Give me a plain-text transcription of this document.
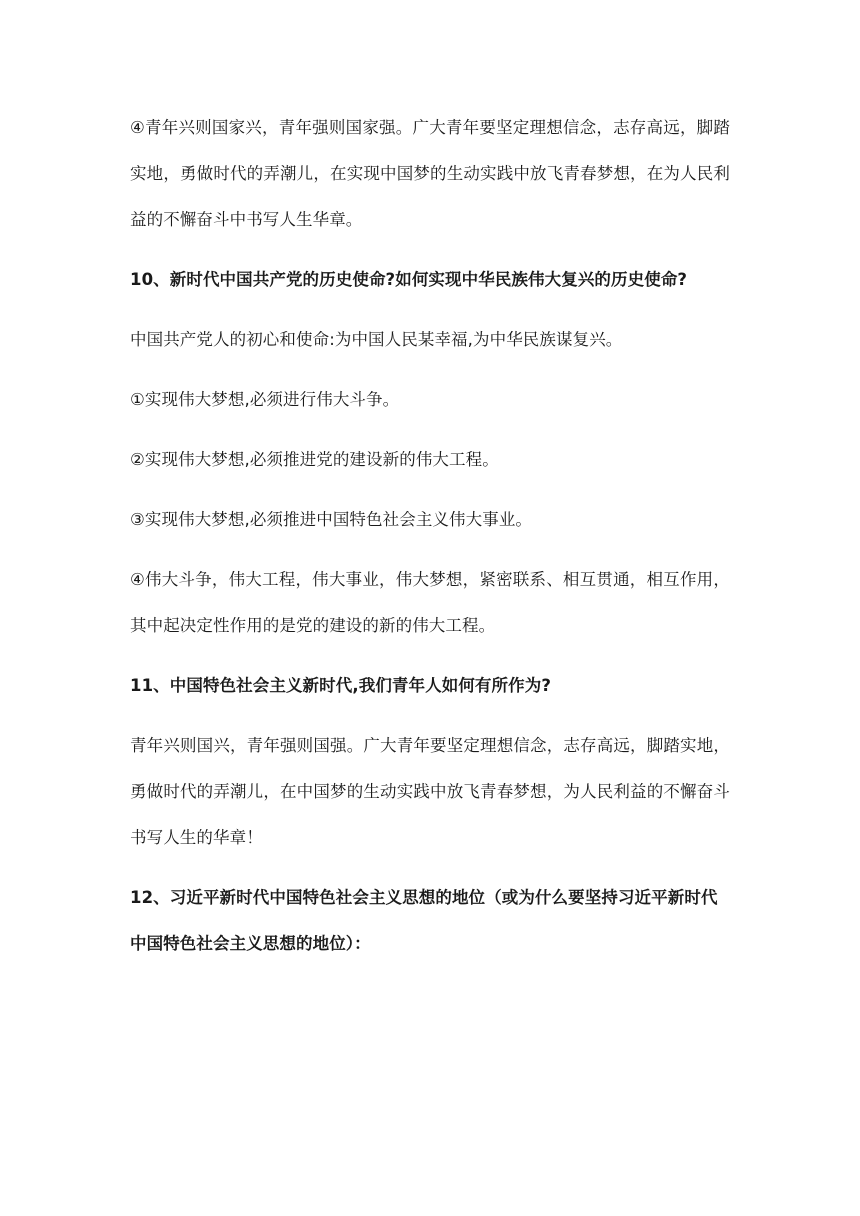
④青年兴则国家兴，青年强则国家强。广大青年要坚定理想信念，志存高远，脚踏实地，勇做时代的弄潮儿，在实现中国梦的生动实践中放飞青春梦想，在为人民利益的不懈奋斗中书写人生华章。

10、新时代中国共产党的历史使命?如何实现中华民族伟大复兴的历史使命?

中国共产党人的初心和使命:为中国人民某幸福,为中华民族谋复兴。

①实现伟大梦想,必须进行伟大斗争。

②实现伟大梦想,必须推进党的建设新的伟大工程。

③实现伟大梦想,必须推进中国特色社会主义伟大事业。

④伟大斗争，伟大工程，伟大事业，伟大梦想，紧密联系、相互贯通，相互作用，其中起决定性作用的是党的建设的新的伟大工程。

11、中国特色社会主义新时代,我们青年人如何有所作为?

青年兴则国兴，青年强则国强。广大青年要坚定理想信念，志存高远，脚踏实地，勇做时代的弄潮儿，在中国梦的生动实践中放飞青春梦想，为人民利益的不懈奋斗书写人生的华章！

12、习近平新时代中国特色社会主义思想的地位（或为什么要坚持习近平新时代中国特色社会主义思想的地位）：
